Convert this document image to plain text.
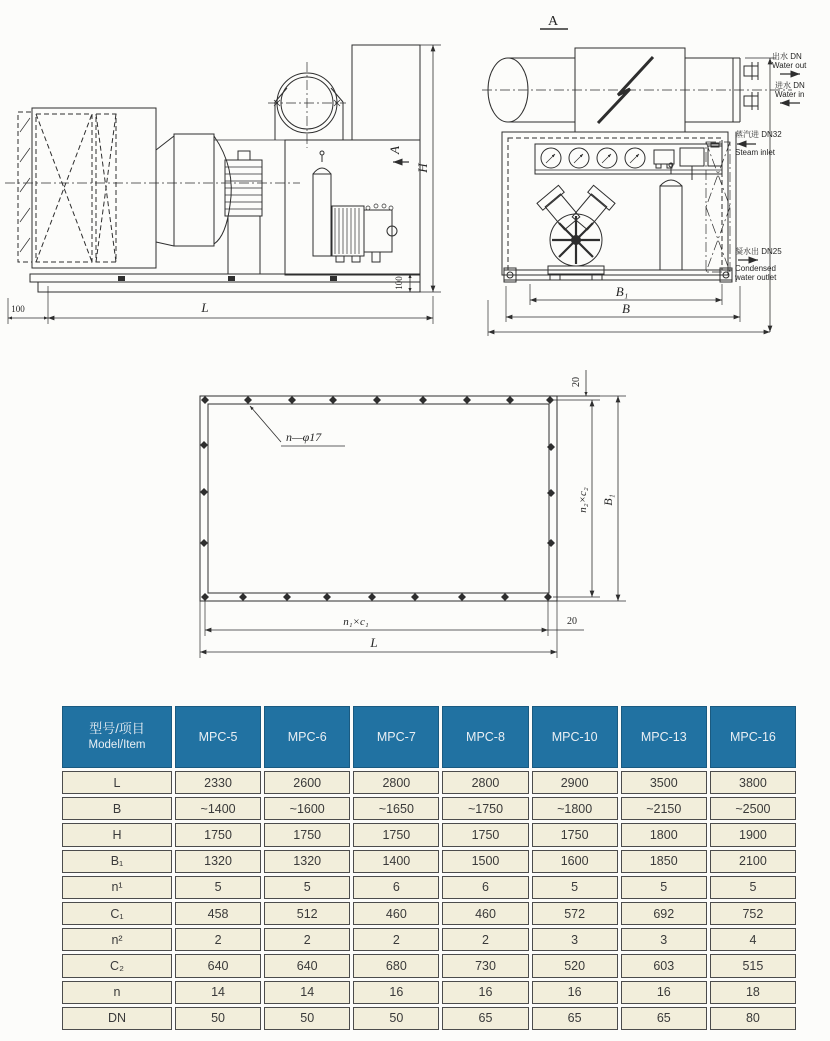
H
A
100
100	L
A
B₁
B
出水 DN
Water out
进水 DN
Water in
蒸汽进 DN32
Steam inlet
凝水出 DN25
Condensed
water outlet
n—φ17
20
n₂×c₂ B₁
n₁×c₁	20
L
型号/项目
Model/Item
MPC-5	MPC-6	MPC-7	MPC-8	MPC-10	MPC-13	MPC-16
L	2330	2600	2800	2800	2900	3500	3800
B	~1400	~1600	~1650	~1750	~1800	~2150	~2500
H	1750	1750	1750	1750	1750	1800	1900
B₁	1320	1320	1400	1500	1600	1850	2100
n¹	5	5	6	6	5	5	5
C₁	458	512	460	460	572	692	752
n²	2	2	2	2	3	3	4
C₂	640	640	680	730	520	603	515
n	14	14	16	16	16	16	18
DN	50	50	50	65	65	65	80
